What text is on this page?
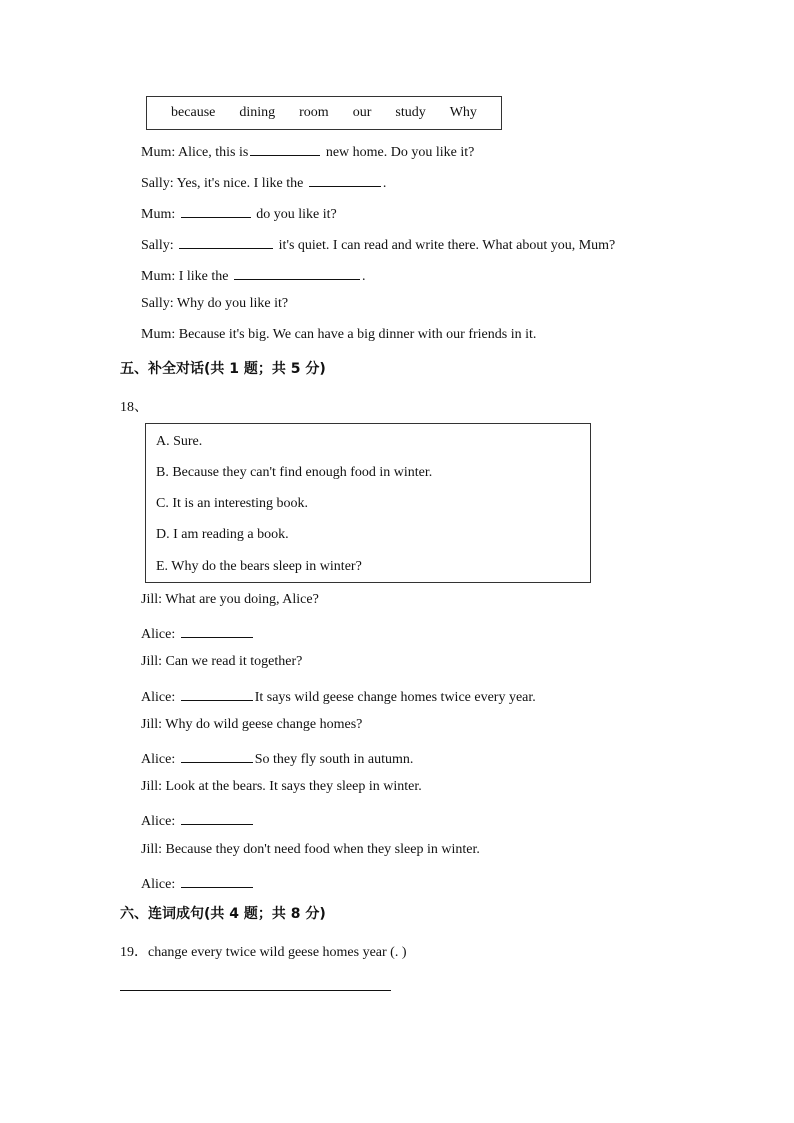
because dining room our study Why
Mum: Alice, this is	new home. Do you like it?
Sally: Yes, it's nice. I like the	.
Mum:	do you like it?
Sally:	it's quiet. I can read and write there. What about you, Mum?
Mum: I like the	.
Sally: Why do you like it?
Mum: Because it's big. We can have a big dinner with our friends in it.
五、补全对话(共 1 题；共 5 分)
18、
A. Sure.
B. Because they can't find enough food in winter.
C. It is an interesting book.
D. I am reading a book.
E. Why do the bears sleep in winter?
Jill: What are you doing, Alice?
Alice:
Jill: Can we read it together?
Alice:	It says wild geese change homes twice every year.
Jill: Why do wild geese change homes?
Alice:	So they fly south in autumn.
Jill: Look at the bears. It says they sleep in winter.
Alice:
Jill: Because they don't need food when they sleep in winter.
Alice:
六、连词成句(共 4 题；共 8 分)
19．change every twice wild geese homes year (. )
